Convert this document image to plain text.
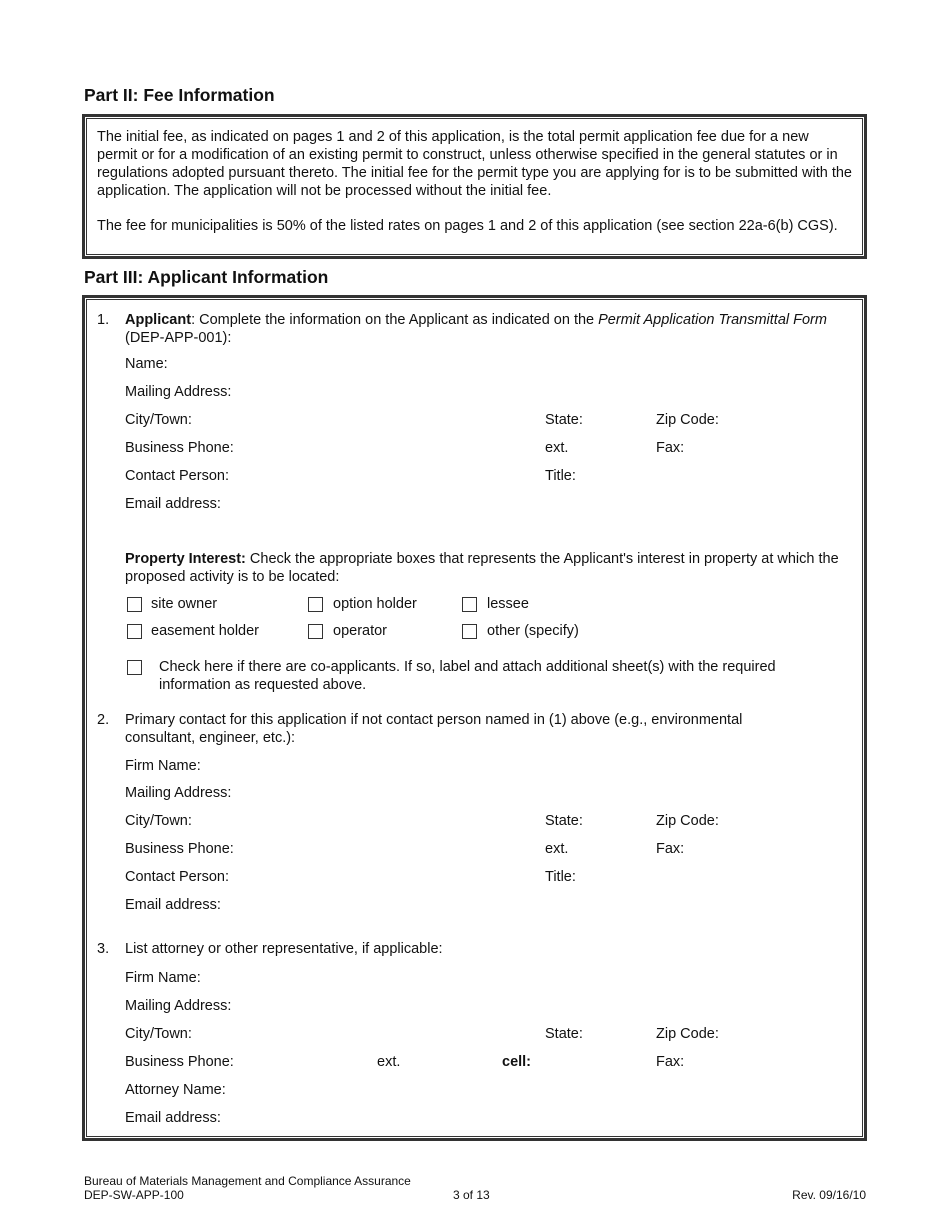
Part II: Fee Information
The initial fee, as indicated on pages 1 and 2 of this application, is the total permit application fee due for a new permit or for a modification of an existing permit to construct, unless otherwise specified in the general statutes or in regulations adopted pursuant thereto. The initial fee for the permit type you are applying for is to be submitted with the application. The application will not be processed without the initial fee.
The fee for municipalities is 50% of the listed rates on pages 1 and 2 of this application (see section 22a-6(b) CGS).
Part III: Applicant Information
1. Applicant: Complete the information on the Applicant as indicated on the Permit Application Transmittal Form (DEP-APP-001):
Name:
Mailing Address:
City/Town:	State:	Zip Code:
Business Phone:	ext.	Fax:
Contact Person:	Title:
Email address:
Property Interest: Check the appropriate boxes that represents the Applicant's interest in property at which the proposed activity is to be located:
site owner	option holder	lessee
easement holder	operator	other (specify)
Check here if there are co-applicants. If so, label and attach additional sheet(s) with the required information as requested above.
2. Primary contact for this application if not contact person named in (1) above (e.g., environmental consultant, engineer, etc.):
Firm Name:
Mailing Address:
City/Town:	State:	Zip Code:
Business Phone:	ext.	Fax:
Contact Person:	Title:
Email address:
3. List attorney or other representative, if applicable:
Firm Name:
Mailing Address:
City/Town:	State:	Zip Code:
Business Phone:	ext.	cell:	Fax:
Attorney Name:
Email address:
Bureau of Materials Management and Compliance Assurance
DEP-SW-APP-100	3 of 13	Rev. 09/16/10
